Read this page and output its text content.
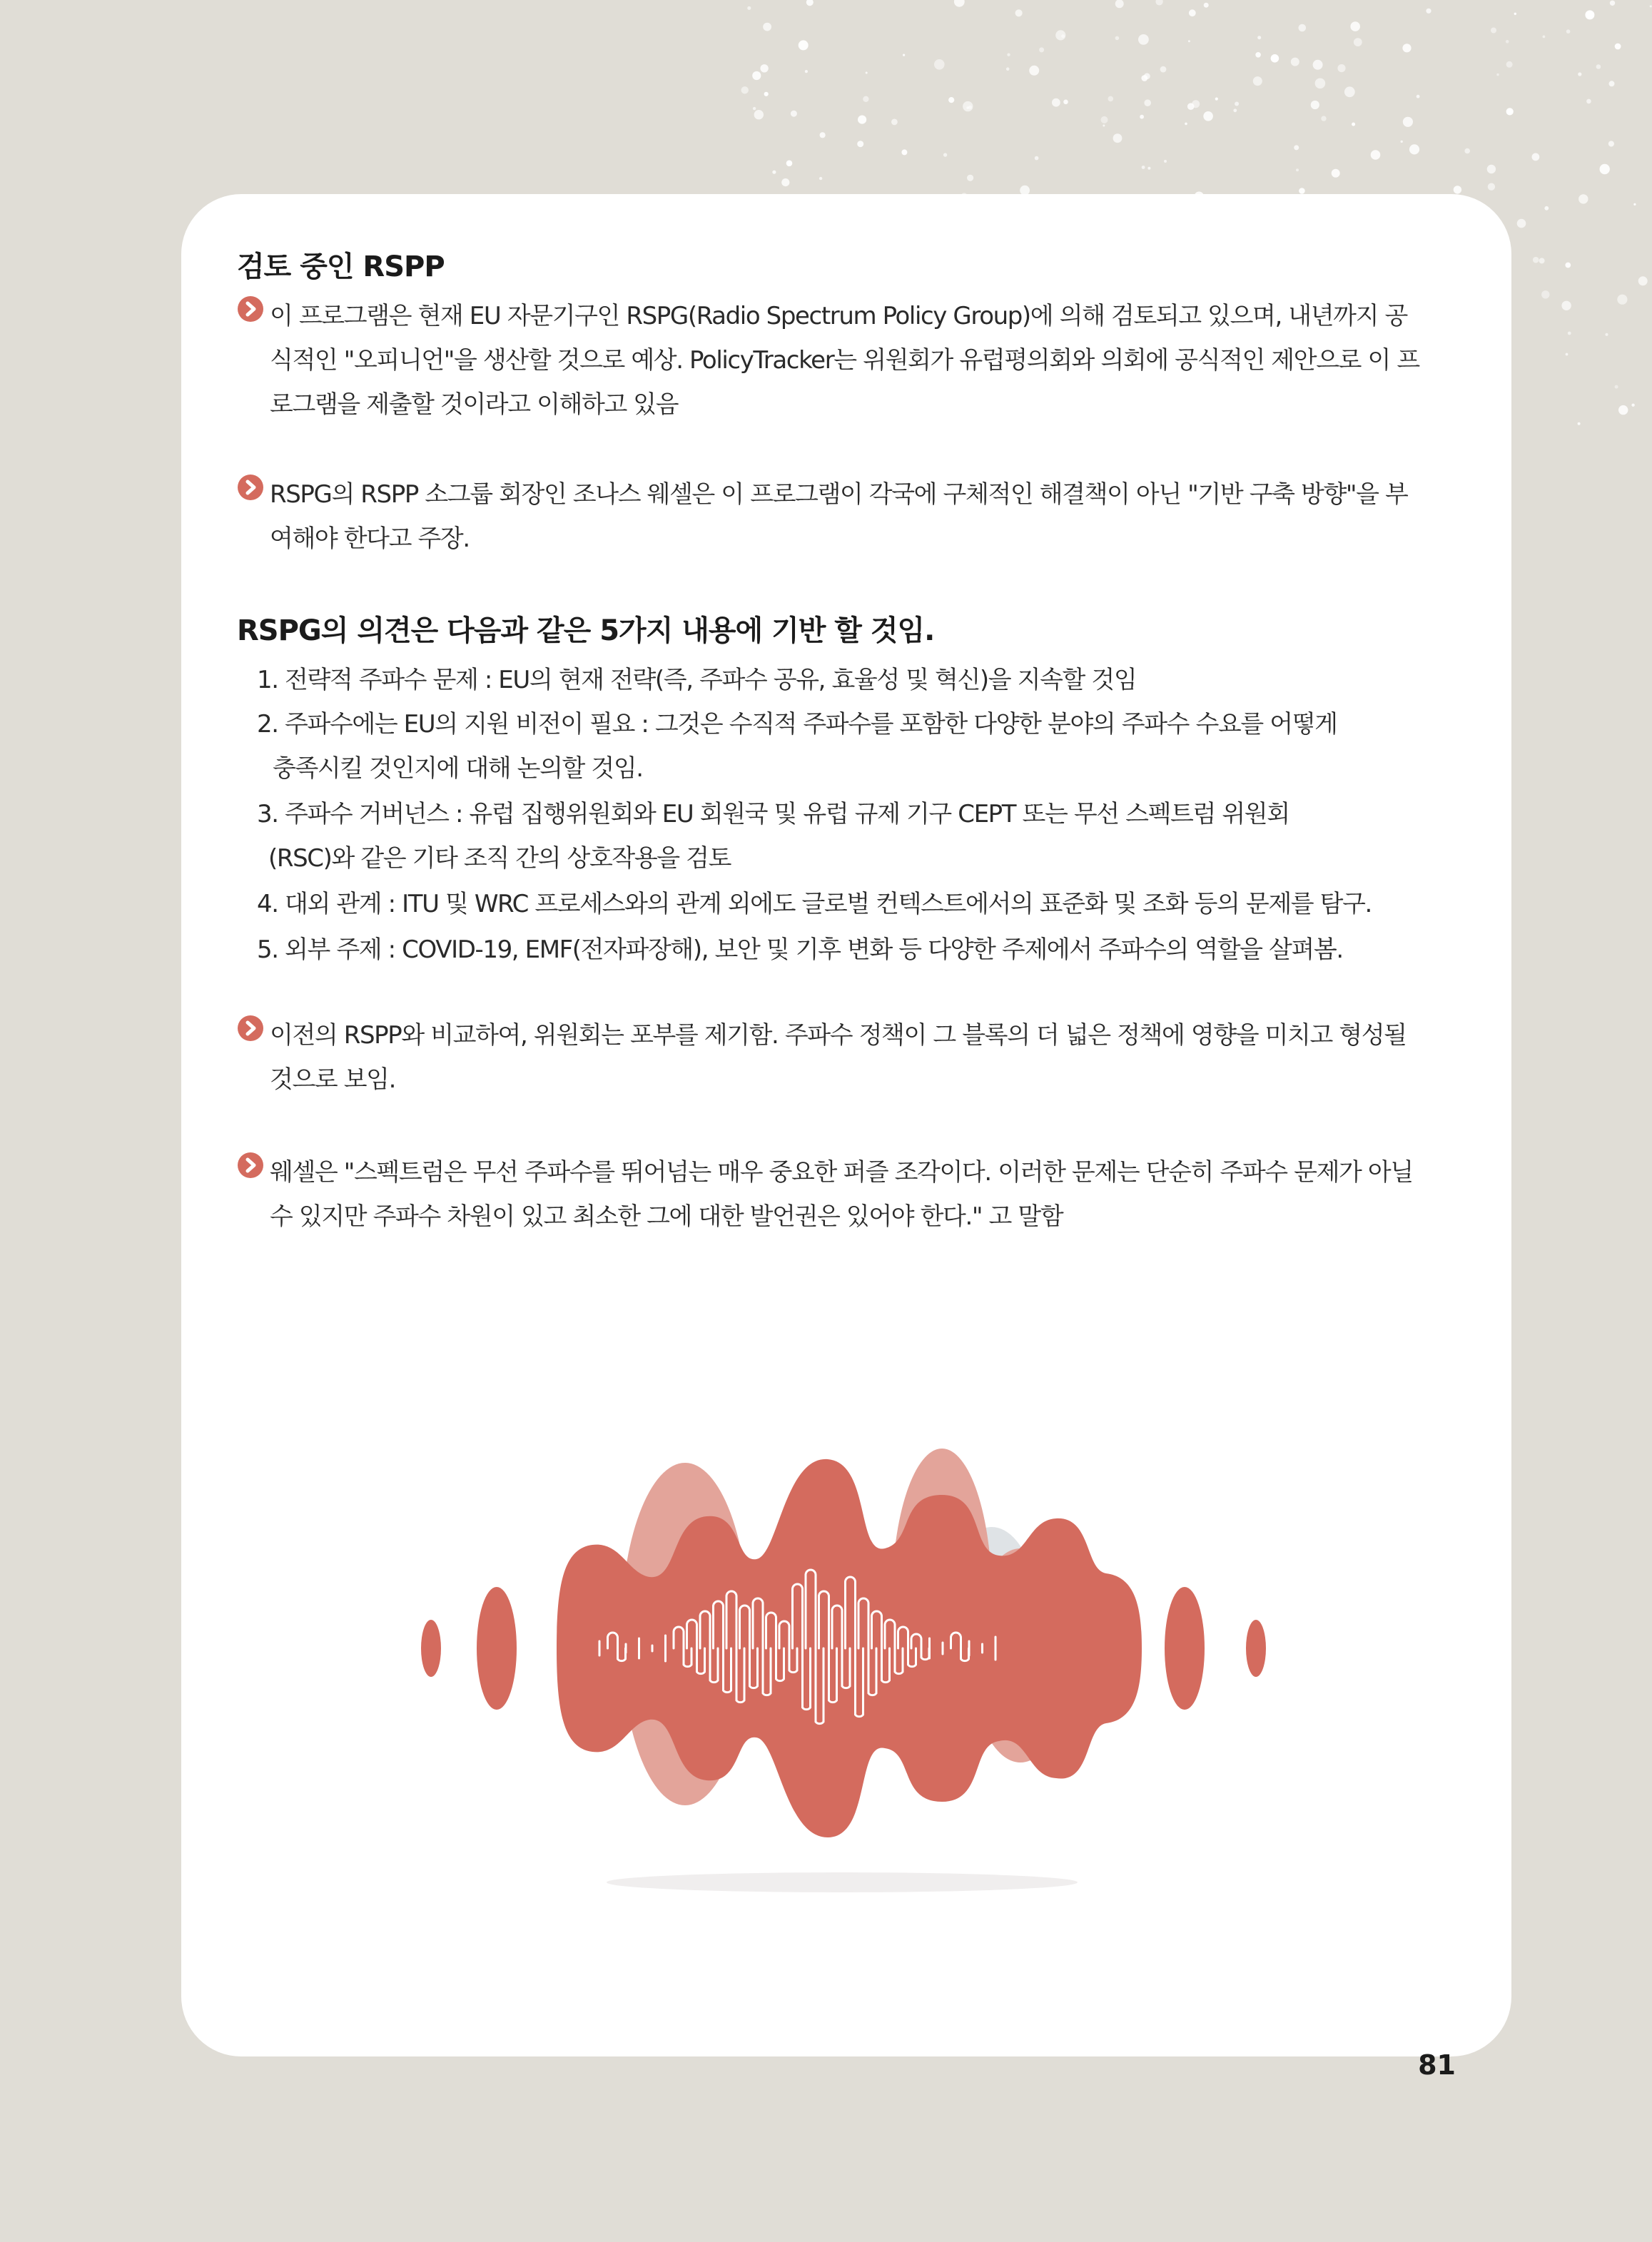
검토 중인 RSPP

이 프로그램은 현재 EU 자문기구인 RSPG(Radio Spectrum Policy Group)에 의해 검토되고 있으며, 내년까지 공
식적인 "오피니언"을 생산할 것으로 예상. PolicyTracker는 위원회가 유럽평의회와 의회에 공식적인 제안으로 이 프
로그램을 제출할 것이라고 이해하고 있음

RSPG의 RSPP 소그룹 회장인 조나스 웨셀은 이 프로그램이 각국에 구체적인 해결책이 아닌 "기반 구축 방향"을 부
여해야 한다고 주장.

RSPG의 의견은 다음과 같은 5가지 내용에 기반 할 것임.
1. 전략적 주파수 문제 : EU의 현재 전략(즉, 주파수 공유, 효율성 및 혁신)을 지속할 것임
2. 주파수에는 EU의 지원 비전이 필요 : 그것은 수직적 주파수를 포함한 다양한 분야의 주파수 수요를 어떻게
충족시킬 것인지에 대해 논의할 것임.
3. 주파수 거버넌스 : 유럽 집행위원회와 EU 회원국 및 유럽 규제 기구 CEPT 또는 무선 스펙트럼 위원회
(RSC)와 같은 기타 조직 간의 상호작용을 검토
4. 대외 관계 : ITU 및 WRC 프로세스와의 관계 외에도 글로벌 컨텍스트에서의 표준화 및 조화 등의 문제를 탐구.
5. 외부 주제 : COVID-19, EMF(전자파장해), 보안 및 기후 변화 등 다양한 주제에서 주파수의 역할을 살펴봄.

이전의 RSPP와 비교하여, 위원회는 포부를 제기함. 주파수 정책이 그 블록의 더 넓은 정책에 영향을 미치고 형성될
것으로 보임.

웨셀은 "스펙트럼은 무선 주파수를 뛰어넘는 매우 중요한 퍼즐 조각이다. 이러한 문제는 단순히 주파수 문제가 아닐
수 있지만 주파수 차원이 있고 최소한 그에 대한 발언권은 있어야 한다." 고 말함

81
